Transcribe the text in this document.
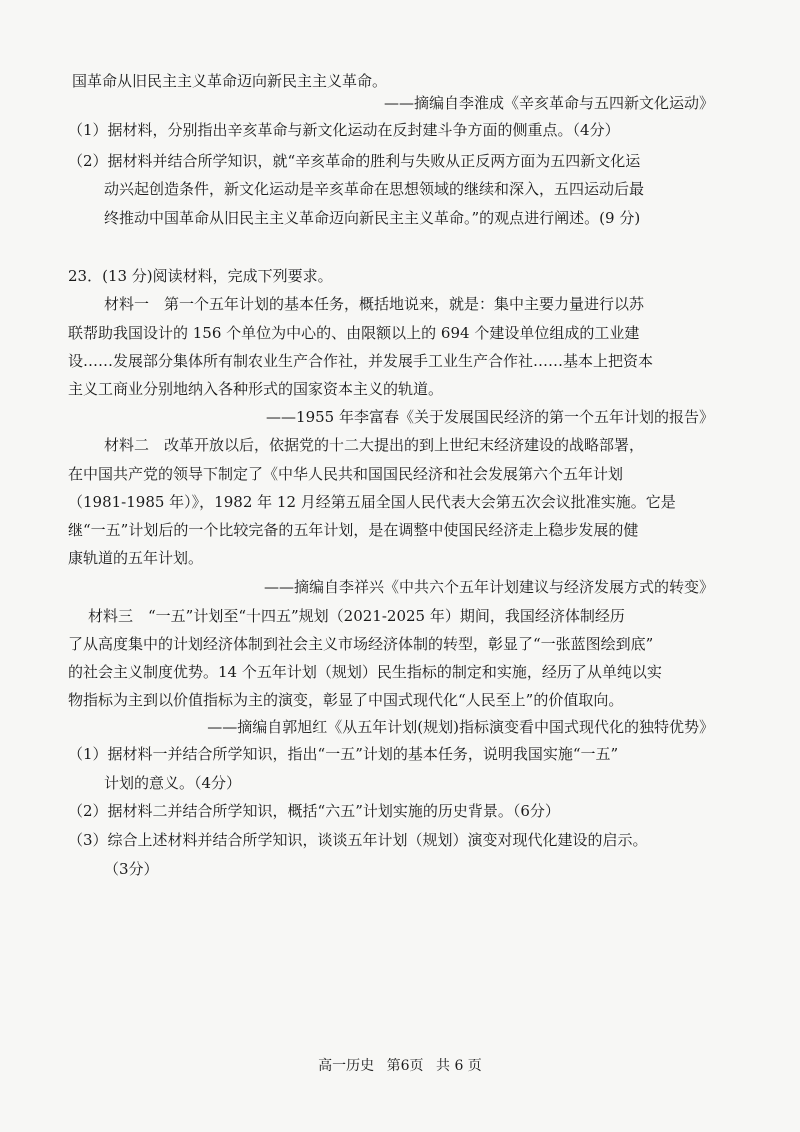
国革命从旧民主主义革命迈向新民主主义革命。
——摘编自李淮成《辛亥革命与五四新文化运动》
（1）据材料，分别指出辛亥革命与新文化运动在反封建斗争方面的侧重点。（4分）
（2）据材料并结合所学知识，就“辛亥革命的胜利与失败从正反两方面为五四新文化运
动兴起创造条件，新文化运动是辛亥革命在思想领域的继续和深入，五四运动后最
终推动中国革命从旧民主主义革命迈向新民主主义革命。”的观点进行阐述。(9 分)
23．(13 分)阅读材料，完成下列要求。
材料一　第一个五年计划的基本任务，概括地说来，就是：集中主要力量进行以苏
联帮助我国设计的 156 个单位为中心的、由限额以上的 694 个建设单位组成的工业建
设……发展部分集体所有制农业生产合作社，并发展手工业生产合作社……基本上把资本
主义工商业分别地纳入各种形式的国家资本主义的轨道。
——1955 年李富春《关于发展国民经济的第一个五年计划的报告》
材料二　改革开放以后，依据党的十二大提出的到上世纪末经济建设的战略部署，
在中国共产党的领导下制定了《中华人民共和国国民经济和社会发展第六个五年计划
（1981-1985 年）》，1982 年 12 月经第五届全国人民代表大会第五次会议批准实施。它是
继“一五”计划后的一个比较完备的五年计划，是在调整中使国民经济走上稳步发展的健
康轨道的五年计划。
——摘编自李祥兴《中共六个五年计划建议与经济发展方式的转变》
材料三　“一五”计划至“十四五”规划（2021-2025 年）期间，我国经济体制经历
了从高度集中的计划经济体制到社会主义市场经济体制的转型，彰显了“一张蓝图绘到底”
的社会主义制度优势。14 个五年计划（规划）民生指标的制定和实施，经历了从单纯以实
物指标为主到以价值指标为主的演变，彰显了中国式现代化“人民至上”的价值取向。
——摘编自郭旭红《从五年计划(规划)指标演变看中国式现代化的独特优势》
（1）据材料一并结合所学知识，指出“一五”计划的基本任务，说明我国实施“一五”
计划的意义。（4分）
（2）据材料二并结合所学知识，概括“六五”计划实施的历史背景。（6分）
（3）综合上述材料并结合所学知识，谈谈五年计划（规划）演变对现代化建设的启示。
（3分）
高一历史 第6页 共 6 页
